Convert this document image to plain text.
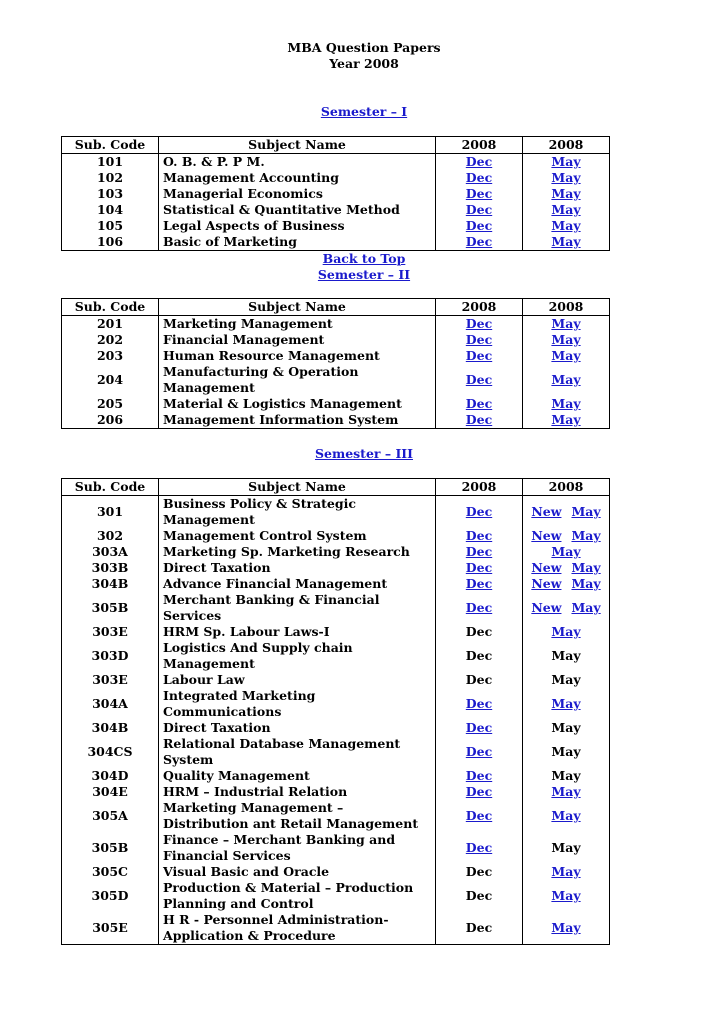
MBA Question Papers
Year 2008
Semester – I
Sub. Code	Subject Name	2008	2008
101	O. B. & P. P M.	Dec	May
102	Management Accounting	Dec	May
103	Managerial Economics	Dec	May
104	Statistical & Quantitative Method	Dec	May
105	Legal Aspects of Business	Dec	May
106	Basic of Marketing	Dec	May
Back to Top
Semester – II
Sub. Code	Subject Name	2008	2008
201	Marketing Management	Dec	May
202	Financial Management	Dec	May
203	Human Resource Management	Dec	May
204	Manufacturing & Operation Management	Dec	May
205	Material & Logistics Management	Dec	May
206	Management Information System	Dec	May
Semester – III
Sub. Code	Subject Name	2008	2008
301	Business Policy & Strategic Management	Dec	New May
302	Management Control System	Dec	New May
303A	Marketing Sp. Marketing Research	Dec	May
303B	Direct Taxation	Dec	New May
304B	Advance Financial Management	Dec	New May
305B	Merchant Banking & Financial Services	Dec	New May
303E	HRM Sp. Labour Laws-I	Dec	May
303D	Logistics And Supply chain Management	Dec	May
303E	Labour Law	Dec	May
304A	Integrated Marketing Communications	Dec	May
304B	Direct Taxation	Dec	May
304CS	Relational Database Management System	Dec	May
304D	Quality Management	Dec	May
304E	HRM – Industrial Relation	Dec	May
305A	Marketing Management – Distribution ant Retail Management	Dec	May
305B	Finance – Merchant Banking and Financial Services	Dec	May
305C	Visual Basic and Oracle	Dec	May
305D	Production & Material – Production Planning and Control	Dec	May
305E	H R - Personnel Administration-Application & Procedure	Dec	May
